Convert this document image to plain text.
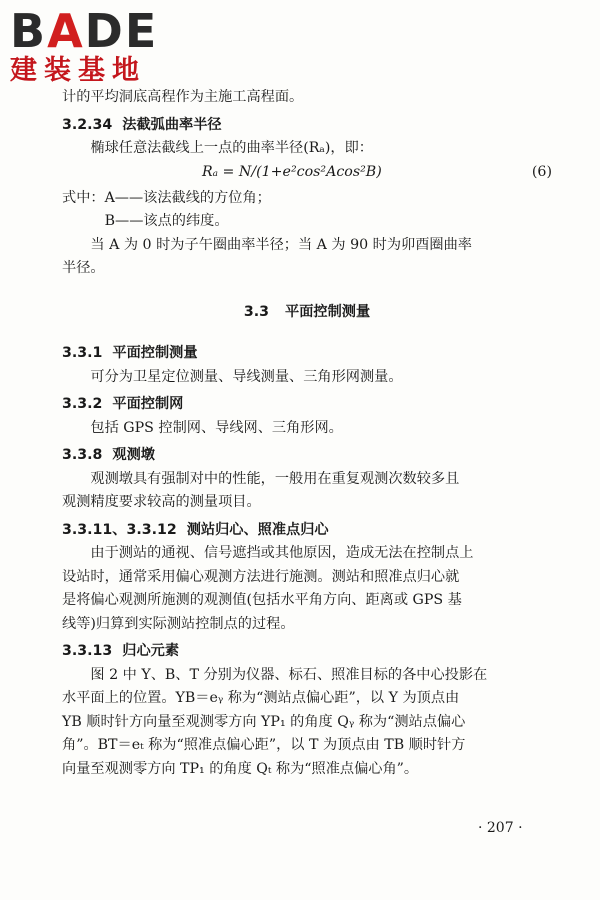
BADE
建装基地
计的平均洞底高程作为主施工高程面。
3.2.34 法截弧曲率半径
椭球任意法截线上一点的曲率半径(Rₐ)，即：
Rₐ = N/(1+e²cos²Acos²B)	(6)
式中：A——该法截线的方位角；
B——该点的纬度。
当 A 为 0 时为子午圈曲率半径；当 A 为 90 时为卯酉圈曲率
半径。
3.3 平面控制测量
3.3.1 平面控制测量
可分为卫星定位测量、导线测量、三角形网测量。
3.3.2 平面控制网
包括 GPS 控制网、导线网、三角形网。
3.3.8 观测墩
观测墩具有强制对中的性能，一般用在重复观测次数较多且
观测精度要求较高的测量项目。
3.3.11、3.3.12 测站归心、照准点归心
由于测站的通视、信号遮挡或其他原因，造成无法在控制点上
设站时，通常采用偏心观测方法进行施测。测站和照准点归心就
是将偏心观测所施测的观测值(包括水平角方向、距离或 GPS 基
线等)归算到实际测站控制点的过程。
3.3.13 归心元素
图 2 中 Y、B、T 分别为仪器、标石、照准目标的各中心投影在
水平面上的位置。YB＝eᵧ 称为“测站点偏心距”，以 Y 为顶点由
YB 顺时针方向量至观测零方向 YP₁ 的角度 Qᵧ 称为“测站点偏心
角”。BT＝eₜ 称为“照准点偏心距”，以 T 为顶点由 TB 顺时针方
向量至观测零方向 TP₁ 的角度 Qₜ 称为“照准点偏心角”。
· 207 ·
